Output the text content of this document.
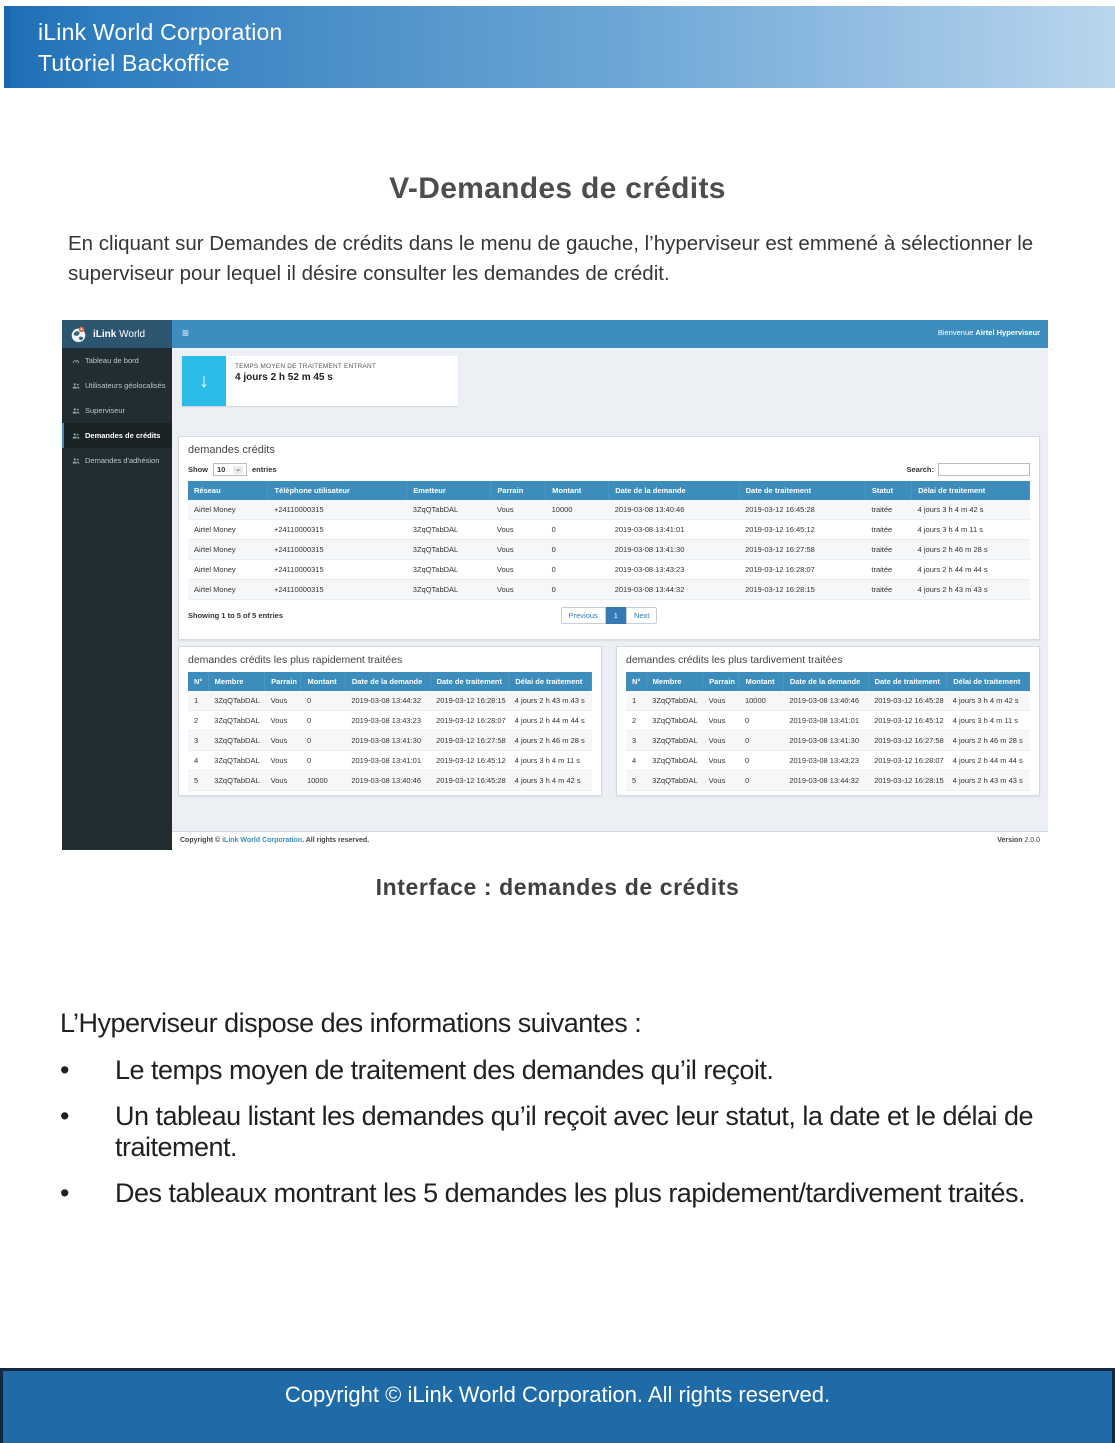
iLink World Corporation
Tutoriel Backoffice
V-Demandes de crédits
En cliquant sur Demandes de crédits dans le menu de gauche, l’hyperviseur est emmené à sélectionner le superviseur pour lequel il désire consulter les demandes de crédit.
≡	Bienvenue Airtel Hyperviseur
iLink World
Tableau de bord
Utilisateurs géolocalisés
Superviseur
Demandes de crédits
Demandes d'adhésion
↓
TEMPS MOYEN DE TRAITEMENT ENTRANT
4 jours 2 h 52 m 45 s
demandes crédits
Show 10 ⌄ entries	Search:
Réseau	Téléphone utilisateur	Emetteur	Parrain	Montant	Date de la demande	Date de traitement	Statut	Délai de traitement
Airtel Money	+24110000315	3ZqQTabDAL	Vous	10000	2019-03-08 13:40:46	2019-03-12 16:45:28	traitée	4 jours 3 h 4 m 42 s
Airtel Money	+24110000315	3ZqQTabDAL	Vous	0	2019-03-08 13:41:01	2019-03-12 16:45:12	traitée	4 jours 3 h 4 m 11 s
Airtel Money	+24110000315	3ZqQTabDAL	Vous	0	2019-03-08 13:41:30	2019-03-12 16:27:58	traitée	4 jours 2 h 46 m 28 s
Airtel Money	+24110000315	3ZqQTabDAL	Vous	0	2019-03-08 13:43:23	2019-03-12 16:28:07	traitée	4 jours 2 h 44 m 44 s
Airtel Money	+24110000315	3ZqQTabDAL	Vous	0	2019-03-08 13:44:32	2019-03-12 16:28:15	traitée	4 jours 2 h 43 m 43 s
Showing 1 to 5 of 5 entries	Previous	1	Next
demandes crédits les plus rapidement traitées
N°	Membre	Parrain	Montant	Date de la demande	Date de traitement	Délai de traitement
1	3ZqQTabDAL	Vous	0	2019-03-08 13:44:32	2019-03-12 16:28:15	4 jours 2 h 43 m 43 s
2	3ZqQTabDAL	Vous	0	2019-03-08 13:43:23	2019-03-12 16:28:07	4 jours 2 h 44 m 44 s
3	3ZqQTabDAL	Vous	0	2019-03-08 13:41:30	2019-03-12 16:27:58	4 jours 2 h 46 m 28 s
4	3ZqQTabDAL	Vous	0	2019-03-08 13:41:01	2019-03-12 16:45:12	4 jours 3 h 4 m 11 s
5	3ZqQTabDAL	Vous	10000	2019-03-08 13:40:46	2019-03-12 16:45:28	4 jours 3 h 4 m 42 s
demandes crédits les plus tardivement traitées
N°	Membre	Parrain	Montant	Date de la demande	Date de traitement	Délai de traitement
1	3ZqQTabDAL	Vous	10000	2019-03-08 13:40:46	2019-03-12 16:45:28	4 jours 3 h 4 m 42 s
2	3ZqQTabDAL	Vous	0	2019-03-08 13:41:01	2019-03-12 16:45:12	4 jours 3 h 4 m 11 s
3	3ZqQTabDAL	Vous	0	2019-03-08 13:41:30	2019-03-12 16:27:58	4 jours 2 h 46 m 28 s
4	3ZqQTabDAL	Vous	0	2019-03-08 13:43:23	2019-03-12 16:28:07	4 jours 2 h 44 m 44 s
5	3ZqQTabDAL	Vous	0	2019-03-08 13:44:32	2019-03-12 16:28:15	4 jours 2 h 43 m 43 s
Copyright © iLink World Corporation. All rights reserved.	Version 2.0.0
Interface : demandes de crédits
L’Hyperviseur dispose des informations suivantes :
•	Le temps moyen de traitement des demandes qu’il reçoit.
•	Un tableau listant les demandes qu’il reçoit avec leur statut, la date et le délai de traitement.
•	Des tableaux montrant les 5 demandes les plus rapidement/tardivement traités.
Copyright © iLink World Corporation. All rights reserved.
